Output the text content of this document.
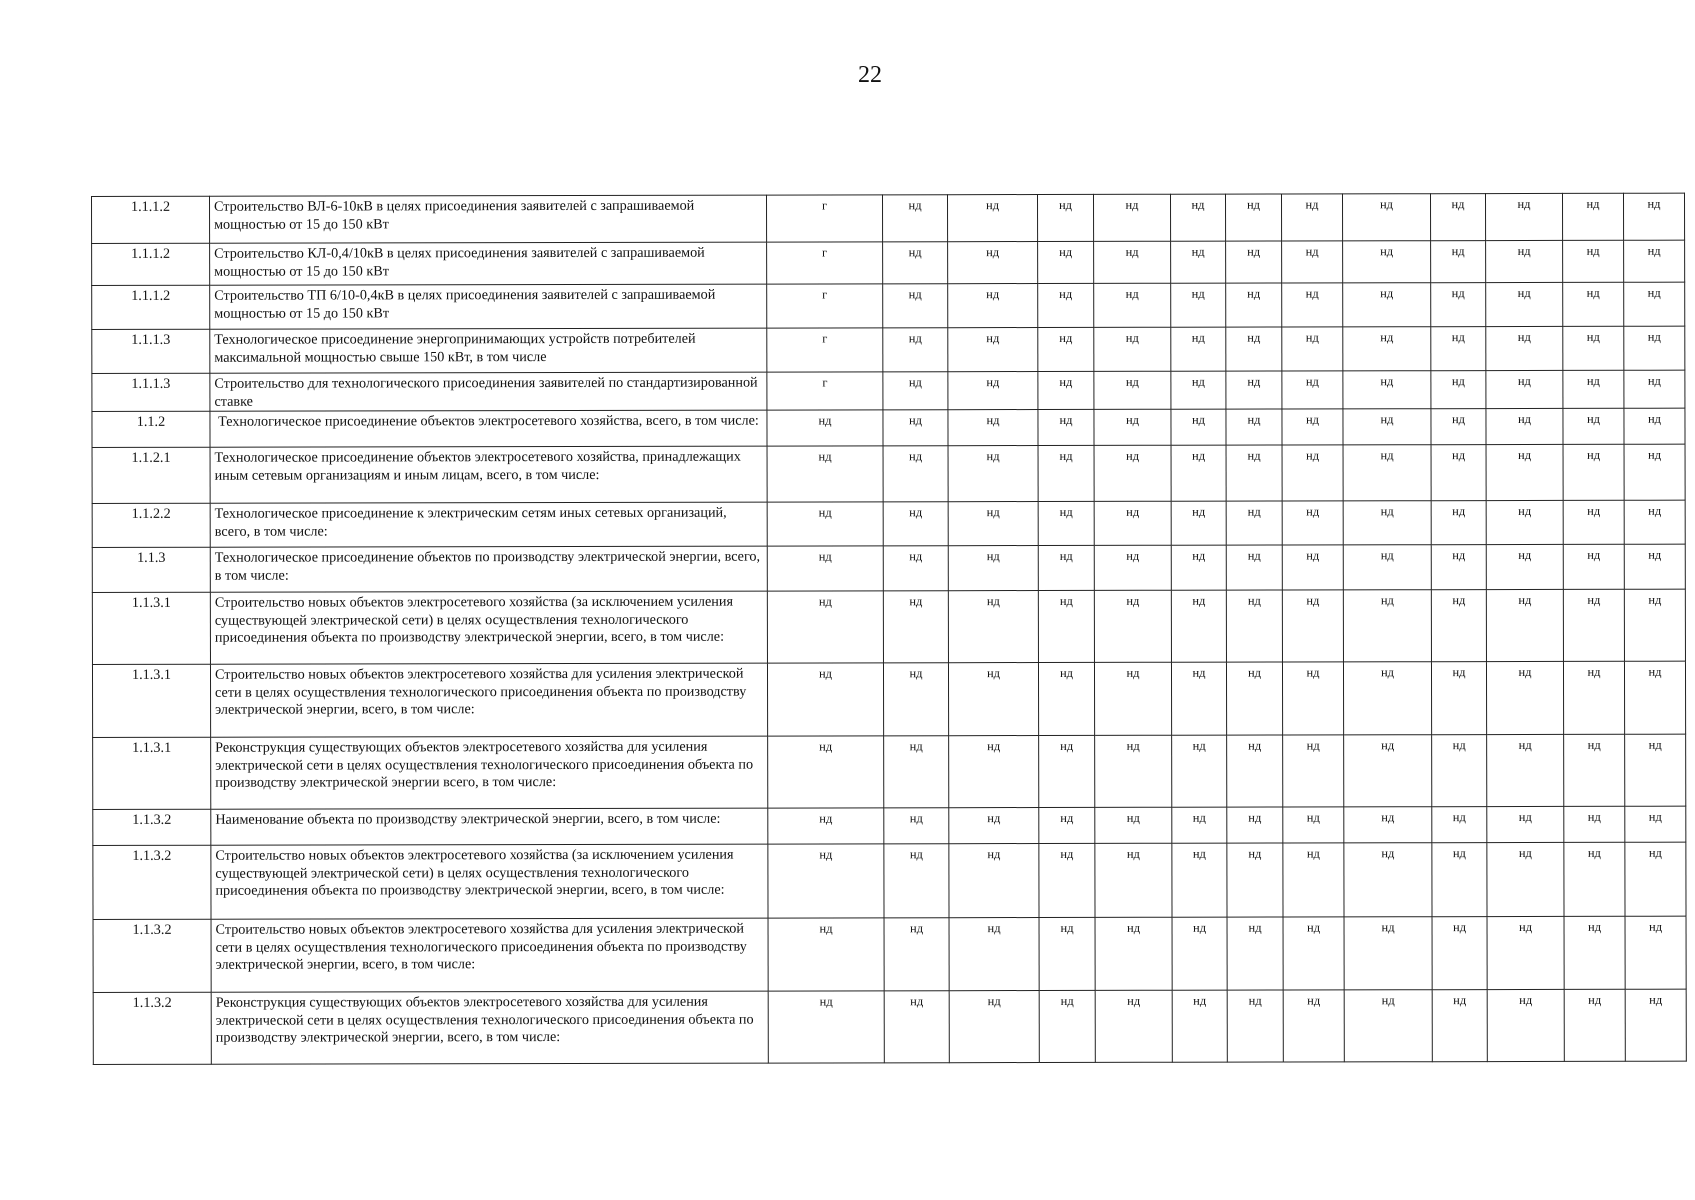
22
1.1.1.2	Строительство ВЛ-6-10кВ в целях присоединения заявителей с запрашиваемой мощностью от 15 до 150 кВт	г	нд	нд	нд	нд	нд	нд	нд	нд	нд	нд	нд	нд
1.1.1.2	Строительство КЛ-0,4/10кВ в целях присоединения заявителей с запрашиваемой мощностью от 15 до 150 кВт	г	нд	нд	нд	нд	нд	нд	нд	нд	нд	нд	нд	нд
1.1.1.2	Строительство ТП 6/10-0,4кВ в целях присоединения заявителей с запрашиваемой мощностью от 15 до 150 кВт	г	нд	нд	нд	нд	нд	нд	нд	нд	нд	нд	нд	нд
1.1.1.3	Технологическое присоединение энергопринимающих устройств потребителей максимальной мощностью свыше 150 кВт, в том числе	г	нд	нд	нд	нд	нд	нд	нд	нд	нд	нд	нд	нд
1.1.1.3	Строительство для технологического присоединения заявителей по стандартизированной ставке	г	нд	нд	нд	нд	нд	нд	нд	нд	нд	нд	нд	нд
1.1.2	Технологическое присоединение объектов электросетевого хозяйства, всего, в том числе:	нд	нд	нд	нд	нд	нд	нд	нд	нд	нд	нд	нд	нд
1.1.2.1	Технологическое присоединение объектов электросетевого хозяйства, принадлежащих иным сетевым организациям и иным лицам, всего, в том числе:	нд	нд	нд	нд	нд	нд	нд	нд	нд	нд	нд	нд	нд
1.1.2.2	Технологическое присоединение к электрическим сетям иных сетевых организаций, всего, в том числе:	нд	нд	нд	нд	нд	нд	нд	нд	нд	нд	нд	нд	нд
1.1.3	Технологическое присоединение объектов по производству электрической энергии, всего, в том числе:	нд	нд	нд	нд	нд	нд	нд	нд	нд	нд	нд	нд	нд
1.1.3.1	Строительство новых объектов электросетевого хозяйства (за исключением усиления существующей электрической сети) в целях осуществления технологического присоединения объекта по производству электрической энергии, всего, в том числе:	нд	нд	нд	нд	нд	нд	нд	нд	нд	нд	нд	нд	нд
1.1.3.1	Строительство новых объектов электросетевого хозяйства для усиления электрической сети в целях осуществления технологического присоединения объекта по производству электрической энергии, всего, в том числе:	нд	нд	нд	нд	нд	нд	нд	нд	нд	нд	нд	нд	нд
1.1.3.1	Реконструкция существующих объектов электросетевого хозяйства для усиления электрической сети в целях осуществления технологического присоединения объекта по производству электрической энергии всего, в том числе:	нд	нд	нд	нд	нд	нд	нд	нд	нд	нд	нд	нд	нд
1.1.3.2	Наименование объекта по производству электрической энергии, всего, в том числе:	нд	нд	нд	нд	нд	нд	нд	нд	нд	нд	нд	нд	нд
1.1.3.2	Строительство новых объектов электросетевого хозяйства (за исключением усиления существующей электрической сети) в целях осуществления технологического присоединения объекта по производству электрической энергии, всего, в том числе:	нд	нд	нд	нд	нд	нд	нд	нд	нд	нд	нд	нд	нд
1.1.3.2	Строительство новых объектов электросетевого хозяйства для усиления электрической сети в целях осуществления технологического присоединения объекта по производству электрической энергии, всего, в том числе:	нд	нд	нд	нд	нд	нд	нд	нд	нд	нд	нд	нд	нд
1.1.3.2	Реконструкция существующих объектов электросетевого хозяйства для усиления электрической сети в целях осуществления технологического присоединения объекта по производству электрической энергии, всего, в том числе:	нд	нд	нд	нд	нд	нд	нд	нд	нд	нд	нд	нд	нд
